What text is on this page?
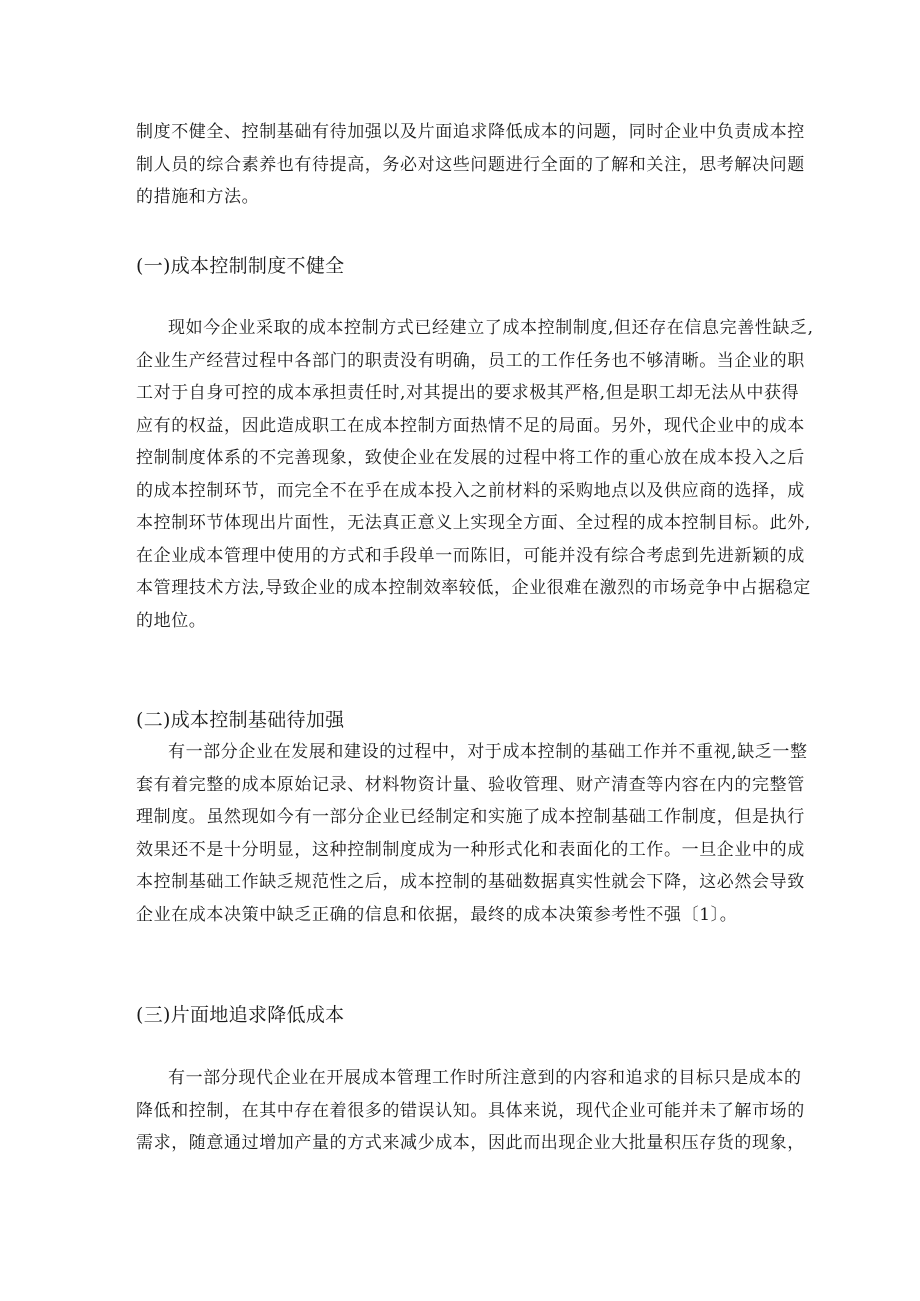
制度不健全、控制基础有待加强以及片面追求降低成本的问题，同时企业中负责成本控
制人员的综合素养也有待提高，务必对这些问题进行全面的了解和关注，思考解决问题
的措施和方法。
(一)成本控制制度不健全
现如今企业采取的成本控制方式已经建立了成本控制制度,但还存在信息完善性缺乏,
企业生产经营过程中各部门的职责没有明确，员工的工作任务也不够清晰。当企业的职
工对于自身可控的成本承担责任时,对其提出的要求极其严格,但是职工却无法从中获得
应有的权益，因此造成职工在成本控制方面热情不足的局面。另外，现代企业中的成本
控制制度体系的不完善现象，致使企业在发展的过程中将工作的重心放在成本投入之后
的成本控制环节，而完全不在乎在成本投入之前材料的采购地点以及供应商的选择，成
本控制环节体现出片面性，无法真正意义上实现全方面、全过程的成本控制目标。此外,
在企业成本管理中使用的方式和手段单一而陈旧，可能并没有综合考虑到先进新颖的成
本管理技术方法,导致企业的成本控制效率较低，企业很难在激烈的市场竞争中占据稳定
的地位。
(二)成本控制基础待加强
有一部分企业在发展和建设的过程中，对于成本控制的基础工作并不重视,缺乏一整
套有着完整的成本原始记录、材料物资计量、验收管理、财产清查等内容在内的完整管
理制度。虽然现如今有一部分企业已经制定和实施了成本控制基础工作制度，但是执行
效果还不是十分明显，这种控制制度成为一种形式化和表面化的工作。一旦企业中的成
本控制基础工作缺乏规范性之后，成本控制的基础数据真实性就会下降，这必然会导致
企业在成本决策中缺乏正确的信息和依据，最终的成本决策参考性不强〔1〕。
(三)片面地追求降低成本
有一部分现代企业在开展成本管理工作时所注意到的内容和追求的目标只是成本的
降低和控制，在其中存在着很多的错误认知。具体来说，现代企业可能并未了解市场的
需求，随意通过增加产量的方式来减少成本，因此而出现企业大批量积压存货的现象，
